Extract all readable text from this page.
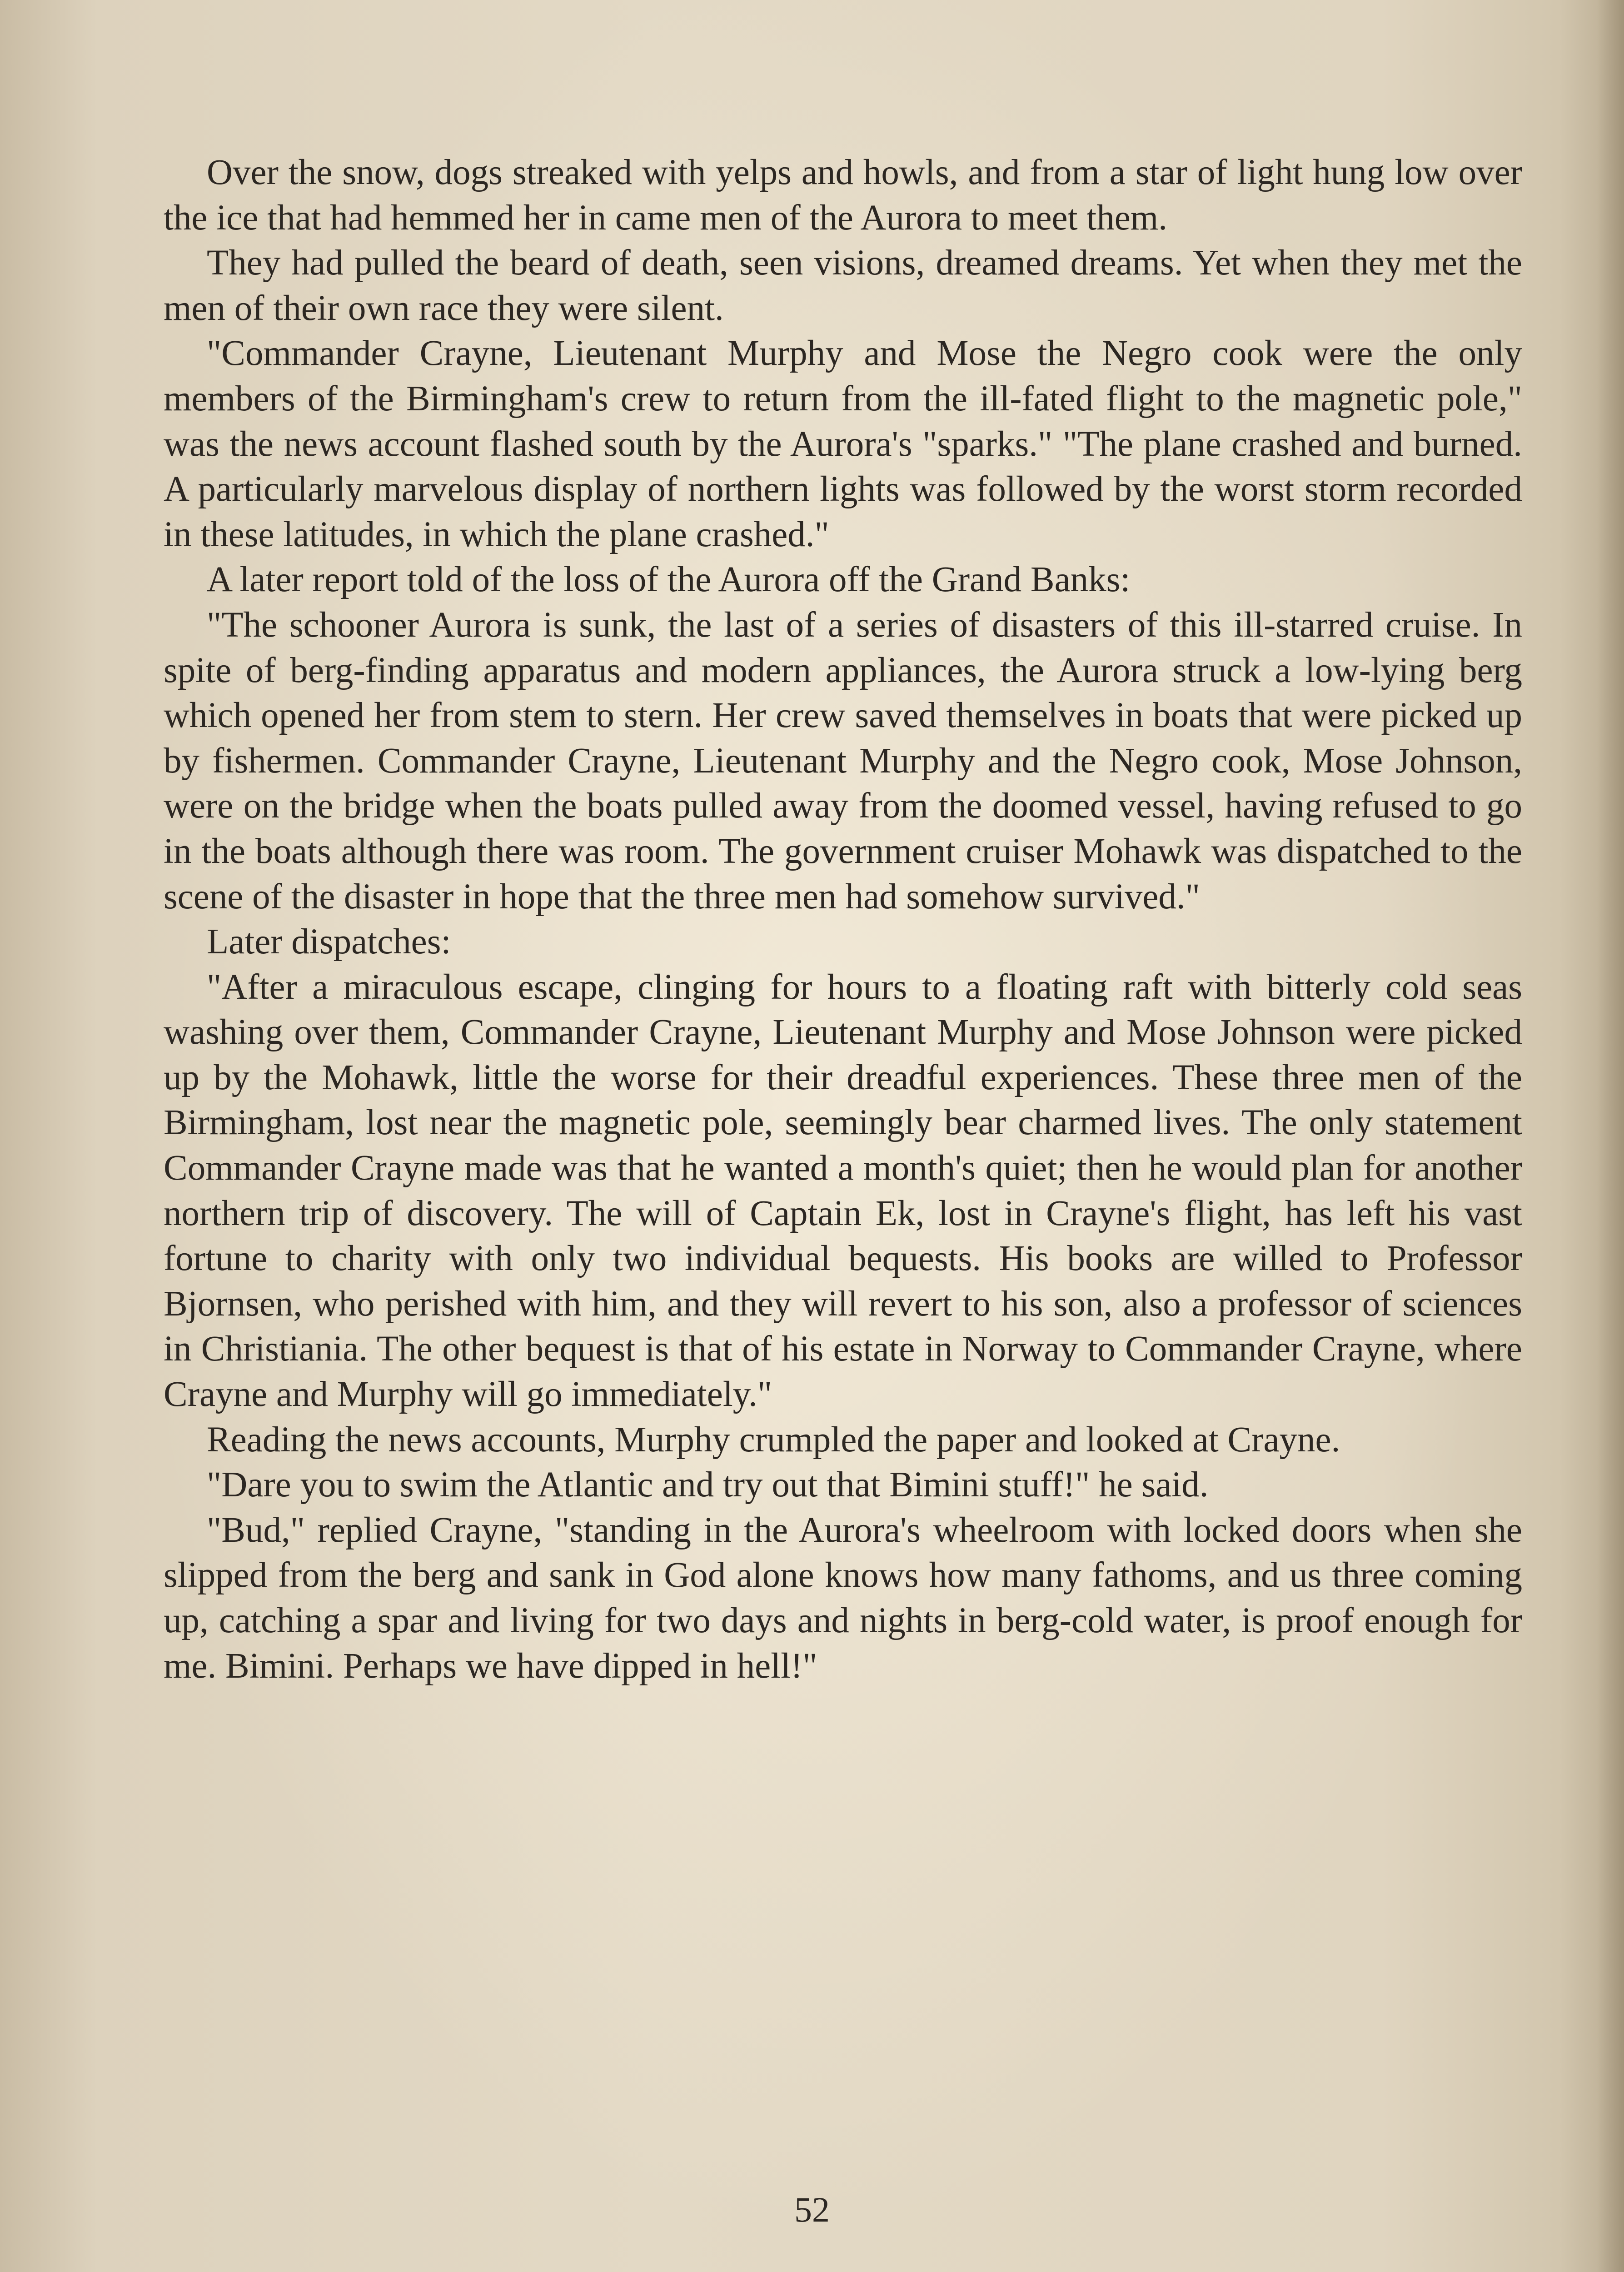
Over the snow, dogs streaked with yelps and howls, and from a star of light hung low over the ice that had hemmed her in came men of the Aurora to meet them.

They had pulled the beard of death, seen visions, dreamed dreams. Yet when they met the men of their own race they were silent.

"Commander Crayne, Lieutenant Murphy and Mose the Negro cook were the only members of the Birmingham's crew to return from the ill-fated flight to the magnetic pole," was the news account flashed south by the Aurora's "sparks." "The plane crashed and burned. A particularly marvelous display of northern lights was followed by the worst storm recorded in these latitudes, in which the plane crashed."

A later report told of the loss of the Aurora off the Grand Banks:

"The schooner Aurora is sunk, the last of a series of disasters of this ill-starred cruise. In spite of berg-finding apparatus and modern appliances, the Aurora struck a low-lying berg which opened her from stem to stern. Her crew saved themselves in boats that were picked up by fishermen. Commander Crayne, Lieutenant Murphy and the Negro cook, Mose Johnson, were on the bridge when the boats pulled away from the doomed vessel, having refused to go in the boats although there was room. The government cruiser Mohawk was dispatched to the scene of the disaster in hope that the three men had somehow survived."

Later dispatches:

"After a miraculous escape, clinging for hours to a floating raft with bitterly cold seas washing over them, Commander Crayne, Lieutenant Murphy and Mose Johnson were picked up by the Mohawk, little the worse for their dreadful experiences. These three men of the Birmingham, lost near the magnetic pole, seemingly bear charmed lives. The only statement Commander Crayne made was that he wanted a month's quiet; then he would plan for another northern trip of discovery. The will of Captain Ek, lost in Crayne's flight, has left his vast fortune to charity with only two individual bequests. His books are willed to Professor Bjornsen, who perished with him, and they will revert to his son, also a professor of sciences in Christiania. The other bequest is that of his estate in Norway to Commander Crayne, where Crayne and Murphy will go immediately."

Reading the news accounts, Murphy crumpled the paper and looked at Crayne.

"Dare you to swim the Atlantic and try out that Bimini stuff!" he said.

"Bud," replied Crayne, "standing in the Aurora's wheelroom with locked doors when she slipped from the berg and sank in God alone knows how many fathoms, and us three coming up, catching a spar and living for two days and nights in berg-cold water, is proof enough for me. Bimini. Perhaps we have dipped in hell!"

52
